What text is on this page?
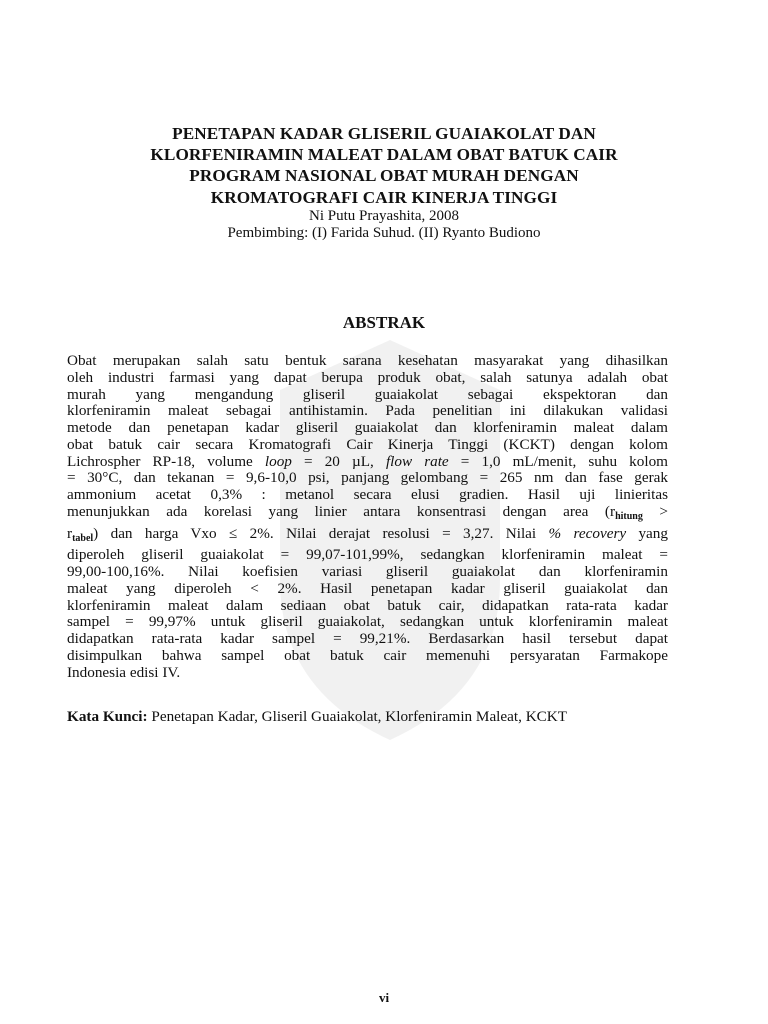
PENETAPAN KADAR GLISERIL GUAIAKOLAT DAN
KLORFENIRAMIN MALEAT DALAM OBAT BATUK CAIR
PROGRAM NASIONAL OBAT MURAH DENGAN
KROMATOGRAFI CAIR KINERJA TINGGI
Ni Putu Prayashita, 2008
Pembimbing: (I) Farida Suhud. (II) Ryanto Budiono
ABSTRAK
Obat merupakan salah satu bentuk sarana kesehatan masyarakat yang dihasilkan
oleh industri farmasi yang dapat berupa produk obat, salah satunya adalah obat
murah yang mengandung gliseril guaiakolat sebagai ekspektoran dan
klorfeniramin maleat sebagai antihistamin. Pada penelitian ini dilakukan validasi
metode dan penetapan kadar gliseril guaiakolat dan klorfeniramin maleat dalam
obat batuk cair secara Kromatografi Cair Kinerja Tinggi (KCKT) dengan kolom
Lichrospher RP-18, volume loop = 20 µL, flow rate = 1,0 mL/menit, suhu kolom
= 30°C, dan tekanan = 9,6-10,0 psi, panjang gelombang = 265 nm dan fase gerak
ammonium acetat 0,3% : metanol secara elusi gradien. Hasil uji linieritas
menunjukkan ada korelasi yang linier antara konsentrasi dengan area ($r_{hitung}$ >
$r_{tabel}$) dan harga Vxo ≤ 2%. Nilai derajat resolusi = 3,27. Nilai % recovery yang
diperoleh gliseril guaiakolat = 99,07-101,99%, sedangkan klorfeniramin maleat =
99,00-100,16%. Nilai koefisien variasi gliseril guaiakolat dan klorfeniramin
maleat yang diperoleh < 2%. Hasil penetapan kadar gliseril guaiakolat dan
klorfeniramin maleat dalam sediaan obat batuk cair, didapatkan rata-rata kadar
sampel = 99,97% untuk gliseril guaiakolat, sedangkan untuk klorfeniramin maleat
didapatkan rata-rata kadar sampel = 99,21%. Berdasarkan hasil tersebut dapat
disimpulkan bahwa sampel obat batuk cair memenuhi persyaratan Farmakope
Indonesia edisi IV.
Kata Kunci: Penetapan Kadar, Gliseril Guaiakolat, Klorfeniramin Maleat, KCKT
vi
